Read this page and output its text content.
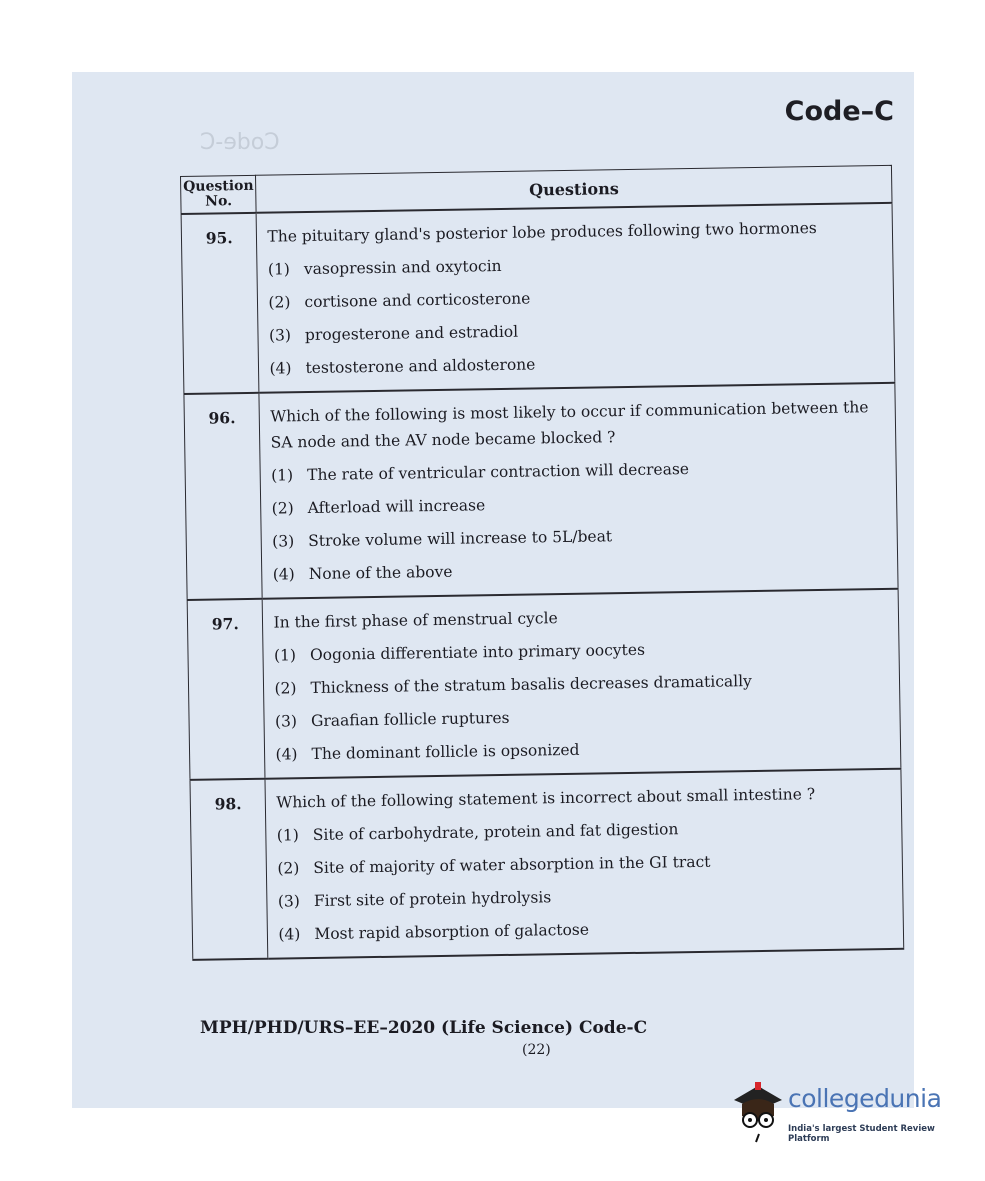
Code-C
Code–C
Question No.	Questions
95.	The pituitary gland's posterior lobe produces following two hormones
(1) vasopressin and oxytocin
(2) cortisone and corticosterone
(3) progesterone and estradiol
(4) testosterone and aldosterone

96.	Which of the following is most likely to occur if communication between the SA node and the AV node became blocked ?
(1) The rate of ventricular contraction will decrease
(2) Afterload will increase
(3) Stroke volume will increase to 5L/beat
(4) None of the above

97.	In the first phase of menstrual cycle
(1) Oogonia differentiate into primary oocytes
(2) Thickness of the stratum basalis decreases dramatically
(3) Graafian follicle ruptures
(4) The dominant follicle is opsonized

98.	Which of the following statement is incorrect about small intestine ?
(1) Site of carbohydrate, protein and fat digestion
(2) Site of majority of water absorption in the GI tract
(3) First site of protein hydrolysis
(4) Most rapid absorption of galactose
MPH/PHD/URS–EE–2020 (Life Science) Code-C
(22)
collegedunia
India's largest Student Review Platform
